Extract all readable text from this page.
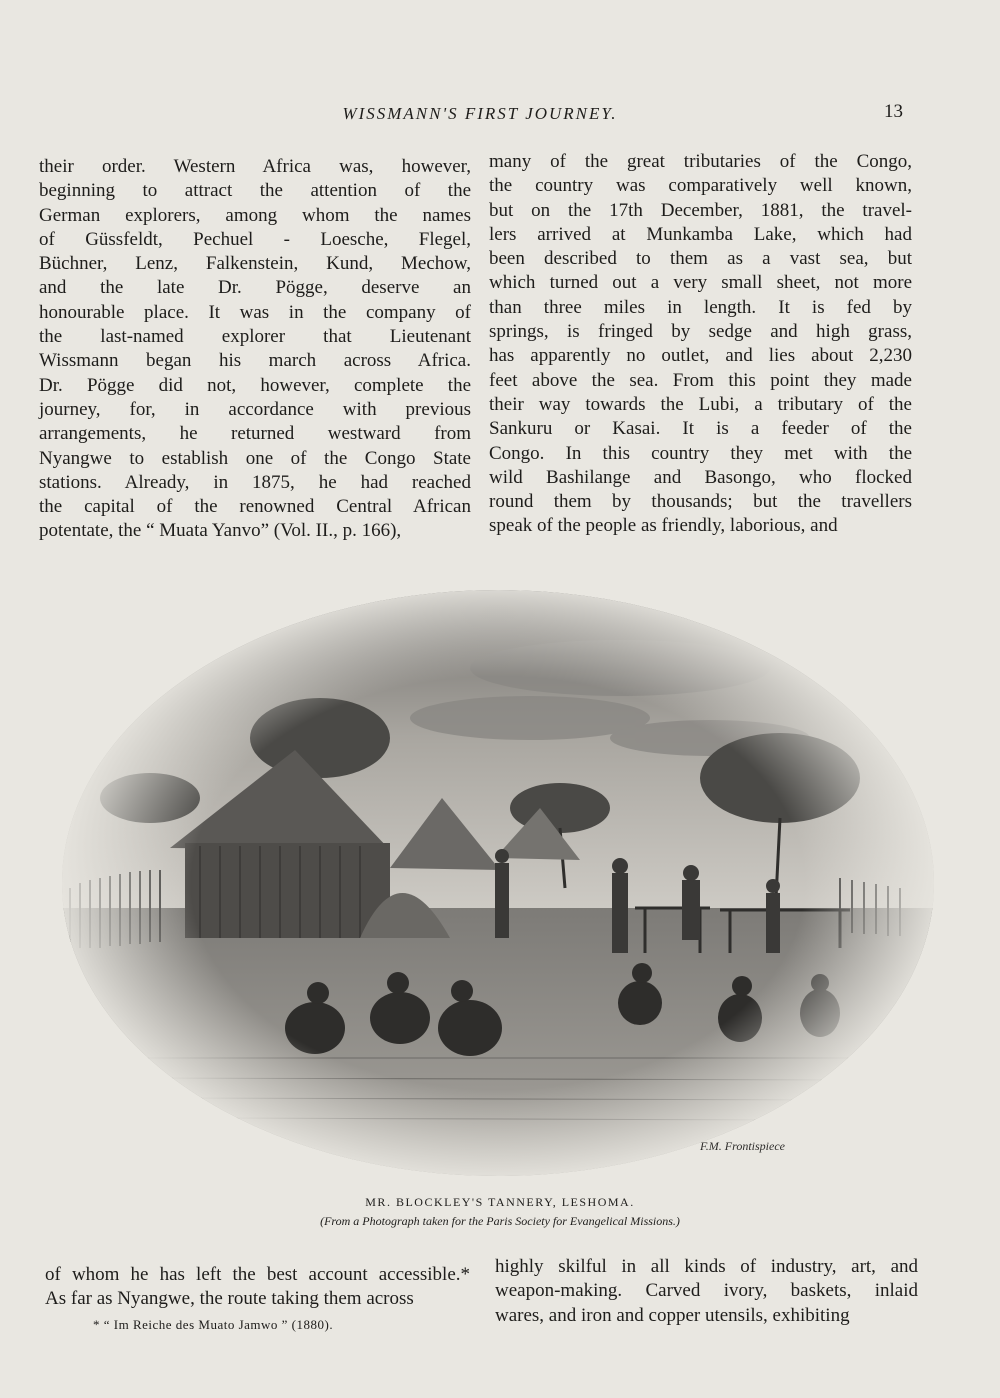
WISSMANN'S FIRST JOURNEY.	13
their order. Western Africa was, however,
beginning to attract the attention of the
German explorers, among whom the names
of Güssfeldt, Pechuel - Loesche, Flegel,
Büchner, Lenz, Falkenstein, Kund, Mechow,
and the late Dr. Pögge, deserve an
honourable place. It was in the company of
the last-named explorer that Lieutenant
Wissmann began his march across Africa.
Dr. Pögge did not, however, complete the
journey, for, in accordance with previous
arrangements, he returned westward from
Nyangwe to establish one of the Congo State
stations. Already, in 1875, he had reached
the capital of the renowned Central African
potentate, the “ Muata Yanvo” (Vol. II., p. 166),
many of the great tributaries of the Congo,
the country was comparatively well known,
but on the 17th December, 1881, the travel-
lers arrived at Munkamba Lake, which had
been described to them as a vast sea, but
which turned out a very small sheet, not more
than three miles in length. It is fed by
springs, is fringed by sedge and high grass,
has apparently no outlet, and lies about 2,230
feet above the sea. From this point they made
their way towards the Lubi, a tributary of the
Sankuru or Kasai. It is a feeder of the
Congo. In this country they met with the
wild Bashilange and Basongo, who flocked
round them by thousands; but the travellers
speak of the people as friendly, laborious, and
F.M. Frontispiece
MR. BLOCKLEY'S TANNERY, LESHOMA.
(From a Photograph taken for the Paris Society for Evangelical Missions.)
of whom he has left the best account accessible.*
As far as Nyangwe, the route taking them across
highly skilful in all kinds of industry, art, and
weapon-making. Carved ivory, baskets, inlaid
wares, and iron and copper utensils, exhibiting
* “ Im Reiche des Muato Jamwo ” (1880).
